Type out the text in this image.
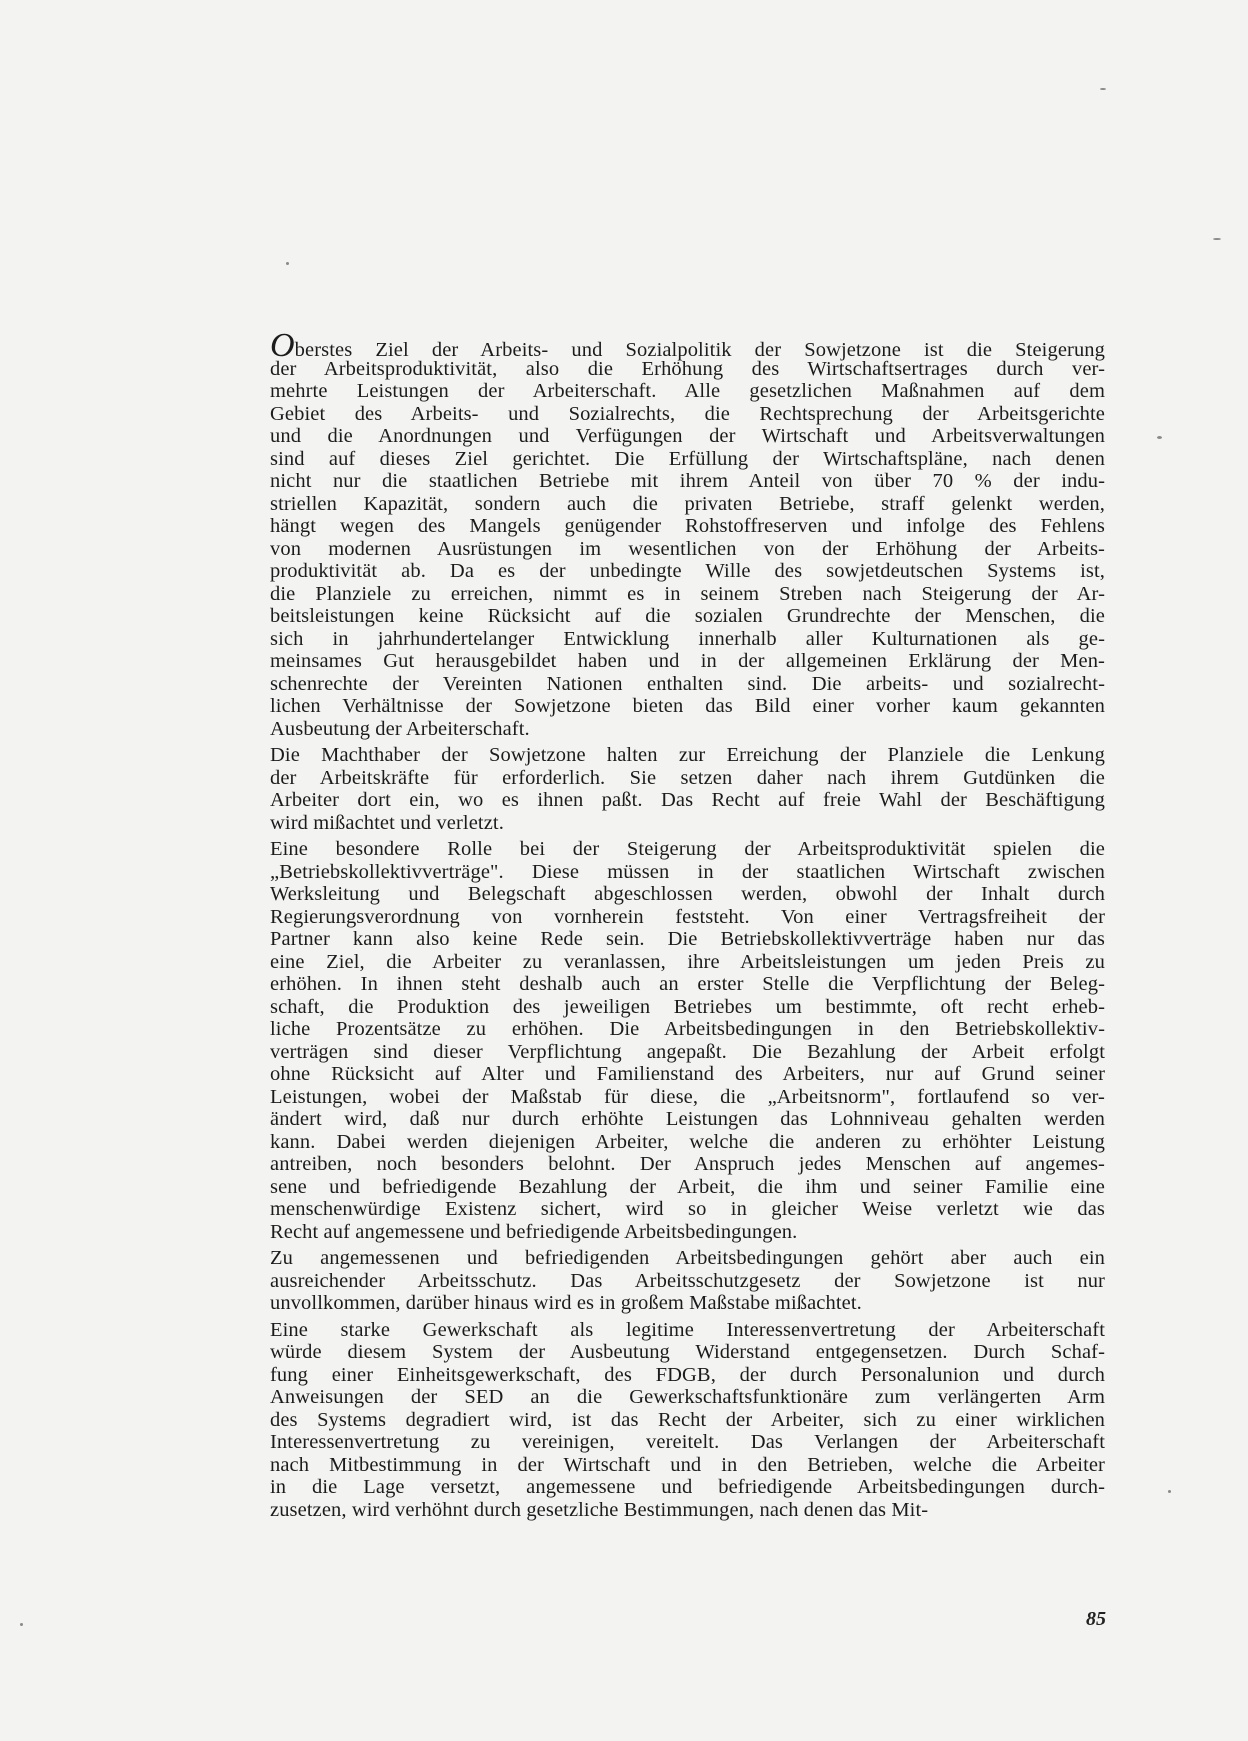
Oberstes Ziel der Arbeits- und Sozialpolitik der Sowjetzone ist die Steigerung
der Arbeitsproduktivität, also die Erhöhung des Wirtschaftsertrages durch ver-
mehrte Leistungen der Arbeiterschaft. Alle gesetzlichen Maßnahmen auf dem
Gebiet des Arbeits- und Sozialrechts, die Rechtsprechung der Arbeitsgerichte
und die Anordnungen und Verfügungen der Wirtschaft und Arbeitsverwaltungen
sind auf dieses Ziel gerichtet. Die Erfüllung der Wirtschaftspläne, nach denen
nicht nur die staatlichen Betriebe mit ihrem Anteil von über 70 % der indu-
striellen Kapazität, sondern auch die privaten Betriebe, straff gelenkt werden,
hängt wegen des Mangels genügender Rohstoffreserven und infolge des Fehlens
von modernen Ausrüstungen im wesentlichen von der Erhöhung der Arbeits-
produktivität ab. Da es der unbedingte Wille des sowjetdeutschen Systems ist,
die Planziele zu erreichen, nimmt es in seinem Streben nach Steigerung der Ar-
beitsleistungen keine Rücksicht auf die sozialen Grundrechte der Menschen, die
sich in jahrhundertelanger Entwicklung innerhalb aller Kulturnationen als ge-
meinsames Gut herausgebildet haben und in der allgemeinen Erklärung der Men-
schenrechte der Vereinten Nationen enthalten sind. Die arbeits- und sozialrecht-
lichen Verhältnisse der Sowjetzone bieten das Bild einer vorher kaum gekannten
Ausbeutung der Arbeiterschaft.
Die Machthaber der Sowjetzone halten zur Erreichung der Planziele die Lenkung
der Arbeitskräfte für erforderlich. Sie setzen daher nach ihrem Gutdünken die
Arbeiter dort ein, wo es ihnen paßt. Das Recht auf freie Wahl der Beschäftigung
wird mißachtet und verletzt.
Eine besondere Rolle bei der Steigerung der Arbeitsproduktivität spielen die
„Betriebskollektivverträge". Diese müssen in der staatlichen Wirtschaft zwischen
Werksleitung und Belegschaft abgeschlossen werden, obwohl der Inhalt durch
Regierungsverordnung von vornherein feststeht. Von einer Vertragsfreiheit der
Partner kann also keine Rede sein. Die Betriebskollektivverträge haben nur das
eine Ziel, die Arbeiter zu veranlassen, ihre Arbeitsleistungen um jeden Preis zu
erhöhen. In ihnen steht deshalb auch an erster Stelle die Verpflichtung der Beleg-
schaft, die Produktion des jeweiligen Betriebes um bestimmte, oft recht erheb-
liche Prozentsätze zu erhöhen. Die Arbeitsbedingungen in den Betriebskollektiv-
verträgen sind dieser Verpflichtung angepaßt. Die Bezahlung der Arbeit erfolgt
ohne Rücksicht auf Alter und Familienstand des Arbeiters, nur auf Grund seiner
Leistungen, wobei der Maßstab für diese, die „Arbeitsnorm", fortlaufend so ver-
ändert wird, daß nur durch erhöhte Leistungen das Lohnniveau gehalten werden
kann. Dabei werden diejenigen Arbeiter, welche die anderen zu erhöhter Leistung
antreiben, noch besonders belohnt. Der Anspruch jedes Menschen auf angemes-
sene und befriedigende Bezahlung der Arbeit, die ihm und seiner Familie eine
menschenwürdige Existenz sichert, wird so in gleicher Weise verletzt wie das
Recht auf angemessene und befriedigende Arbeitsbedingungen.
Zu angemessenen und befriedigenden Arbeitsbedingungen gehört aber auch ein
ausreichender Arbeitsschutz. Das Arbeitsschutzgesetz der Sowjetzone ist nur
unvollkommen, darüber hinaus wird es in großem Maßstabe mißachtet.
Eine starke Gewerkschaft als legitime Interessenvertretung der Arbeiterschaft
würde diesem System der Ausbeutung Widerstand entgegensetzen. Durch Schaf-
fung einer Einheitsgewerkschaft, des FDGB, der durch Personalunion und durch
Anweisungen der SED an die Gewerkschaftsfunktionäre zum verlängerten Arm
des Systems degradiert wird, ist das Recht der Arbeiter, sich zu einer wirklichen
Interessenvertretung zu vereinigen, vereitelt. Das Verlangen der Arbeiterschaft
nach Mitbestimmung in der Wirtschaft und in den Betrieben, welche die Arbeiter
in die Lage versetzt, angemessene und befriedigende Arbeitsbedingungen durch-
zusetzen, wird verhöhnt durch gesetzliche Bestimmungen, nach denen das Mit-
85
